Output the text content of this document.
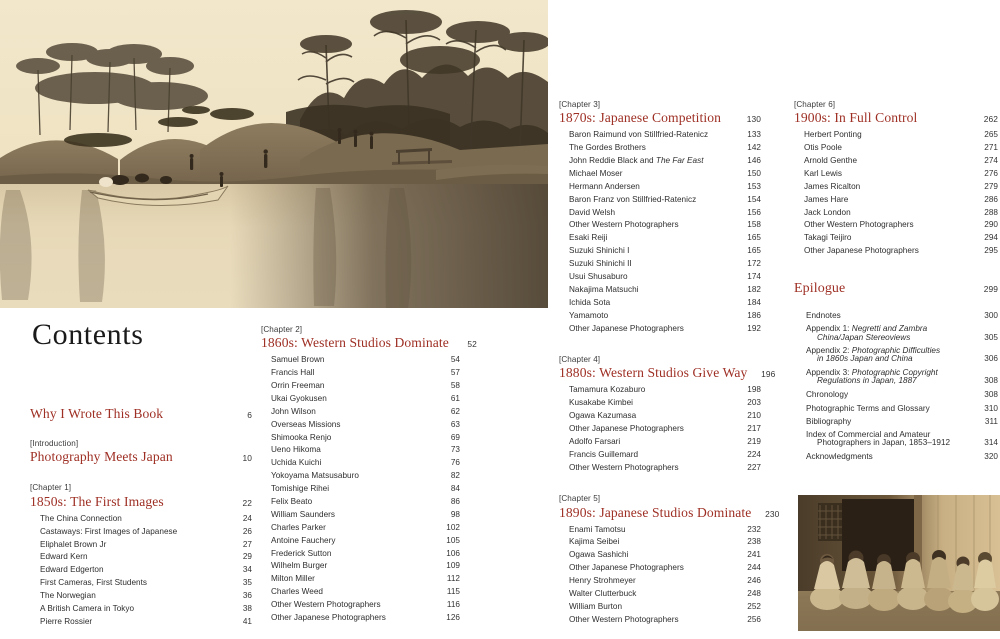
Contents
Why I Wrote This Book	6
[Introduction]
Photography Meets Japan	10
[Chapter 1]
1850s: The First Images	22
The China Connection	24
Castaways: First Images of Japanese	26
Eliphalet Brown Jr	27
Edward Kern	29
Edward Edgerton	34
First Cameras, First Students	35
The Norwegian	36
A British Camera in Tokyo	38
Pierre Rossier	41
[Chapter 2]
1860s: Western Studios Dominate	52
Samuel Brown	54
Francis Hall	57
Orrin Freeman	58
Ukai Gyokusen	61
John Wilson	62
Overseas Missions	63
Shimooka Renjo	69
Ueno Hikoma	73
Uchida Kuichi	76
Yokoyama Matsusaburo	82
Tomishige Rihei	84
Felix Beato	86
William Saunders	98
Charles Parker	102
Antoine Fauchery	105
Frederick Sutton	106
Wilhelm Burger	109
Milton Miller	112
Charles Weed	115
Other Western Photographers	116
Other Japanese Photographers	126
[Chapter 3]
1870s: Japanese Competition	130
Baron Raimund von Stillfried-Ratenicz	133
The Gordes Brothers	142
John Reddie Black and The Far East	146
Michael Moser	150
Hermann Andersen	153
Baron Franz von Stillfried-Ratenicz	154
David Welsh	156
Other Western Photographers	158
Esaki Reiji	165
Suzuki Shinichi I	165
Suzuki Shinichi II	172
Usui Shusaburo	174
Nakajima Matsuchi	182
Ichida Sota	184
Yamamoto	186
Other Japanese Photographers	192
[Chapter 4]
1880s: Western Studios Give Way	196
Tamamura Kozaburo	198
Kusakabe Kimbei	203
Ogawa Kazumasa	210
Other Japanese Photographers	217
Adolfo Farsari	219
Francis Guillemard	224
Other Western Photographers	227
[Chapter 5]
1890s: Japanese Studios Dominate	230
Enami Tamotsu	232
Kajima Seibei	238
Ogawa Sashichi	241
Other Japanese Photographers	244
Henry Strohmeyer	246
Walter Clutterbuck	248
William Burton	252
Other Western Photographers	256
[Chapter 6]
1900s: In Full Control	262
Herbert Ponting	265
Otis Poole	271
Arnold Genthe	274
Karl Lewis	276
James Ricalton	279
James Hare	286
Jack London	288
Other Western Photographers	290
Takagi Teijiro	294
Other Japanese Photographers	295
Epilogue	299
Endnotes	300
Appendix 1: Negretti and Zambra
China/Japan Stereoviews	305
Appendix 2: Photographic Difficulties
in 1860s Japan and China	306
Appendix 3: Photographic Copyright
Regulations in Japan, 1887	308
Chronology	308
Photographic Terms and Glossary	310
Bibliography	311
Index of Commercial and Amateur
Photographers in Japan, 1853–1912	314
Acknowledgments	320
